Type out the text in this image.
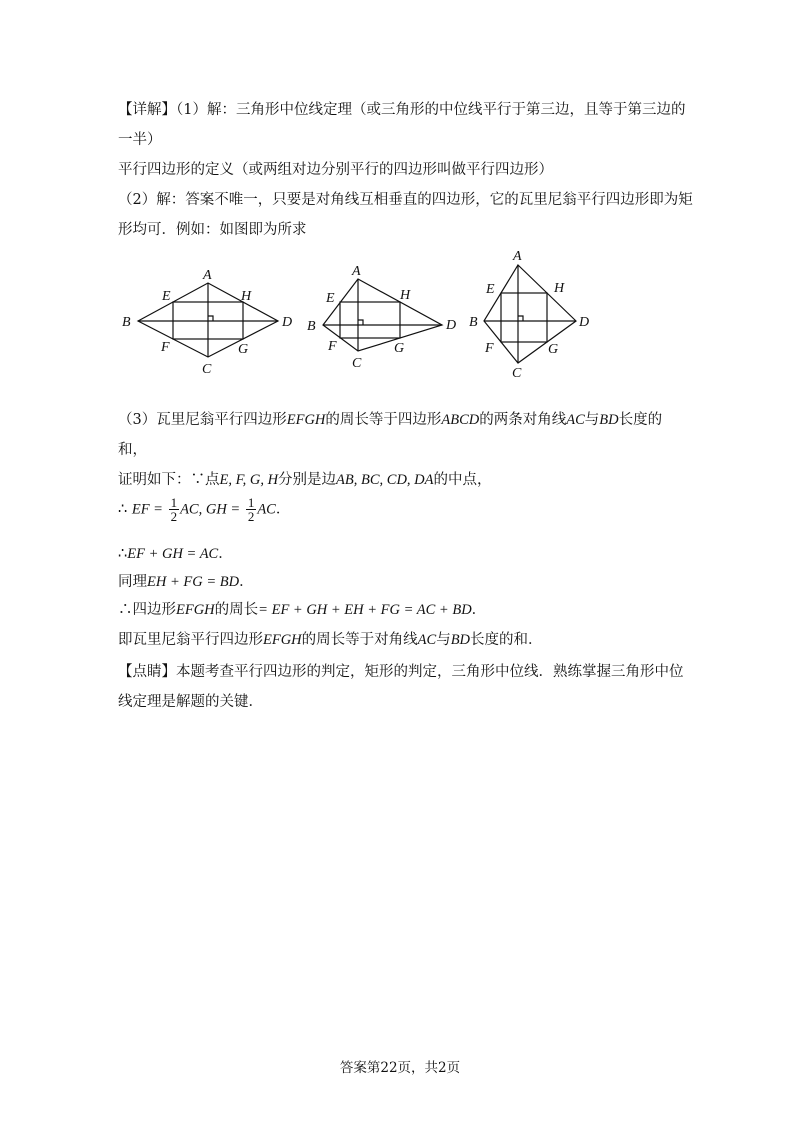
【详解】（1）解：三角形中位线定理（或三角形的中位线平行于第三边，且等于第三边的
一半）
平行四边形的定义（或两组对边分别平行的四边形叫做平行四边形）
（2）解：答案不唯一，只要是对角线互相垂直的四边形，它的瓦里尼翁平行四边形即为矩
形均可．例如：如图即为所求
A
B	D
C
E	H
F	G
A
B	D
C
E	H
F	G
A
B	D
C
E	H
F	G
（3）瓦里尼翁平行四边形EFGH的周长等于四边形ABCD的两条对角线AC与BD长度的
和，
证明如下：∵点E, F, G, H分别是边AB, BC, CD, DA的中点，
∴ EF = $\frac{1}{2}$ AC, GH = $\frac{1}{2}$ AC．
∴EF + GH = AC．
同理EH + FG = BD．
∴四边形EFGH的周长= EF + GH + EH + FG = AC + BD．
即瓦里尼翁平行四边形EFGH的周长等于对角线AC与BD长度的和．
【点睛】本题考查平行四边形的判定，矩形的判定，三角形中位线．熟练掌握三角形中位
线定理是解题的关键．
答案第22页，共2页
